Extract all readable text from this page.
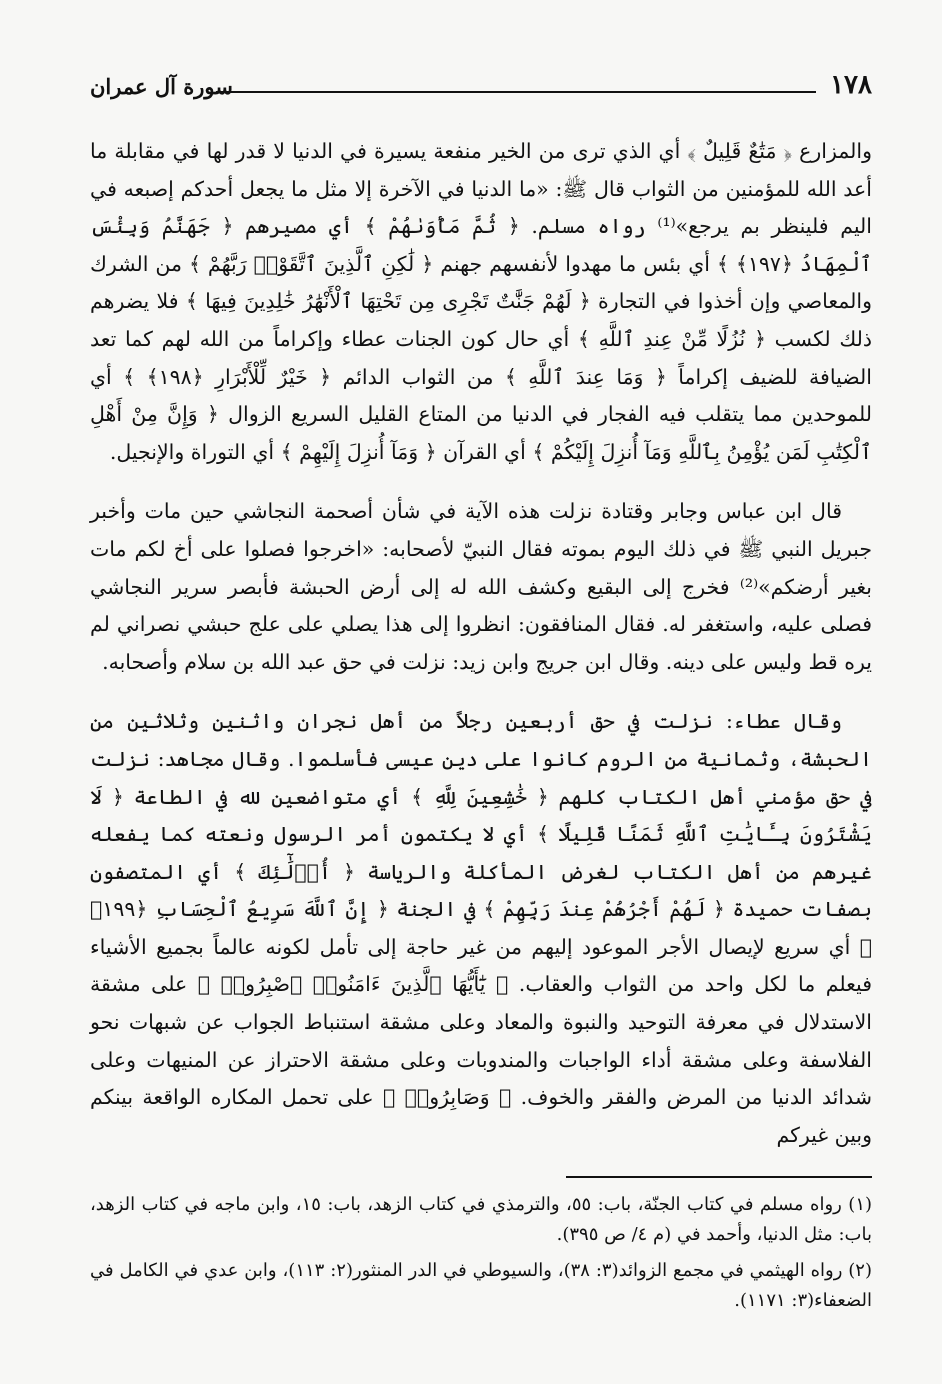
١٧٨
سورة آل عمران

والمزارع ﴿ مَتَٰعٌ قَلِيلٌ ﴾ أي الذي ترى من الخير منفعة يسيرة في الدنيا لا قدر لها في مقابلة ما أعد الله للمؤمنين من الثواب قال ﷺ: «ما الدنيا في الآخرة إلا مثل ما يجعل أحدكم إصبعه في اليم فلينظر بم يرجع»⁽¹⁾ رواه مسلم. ﴿ ثُمَّ مَأْوَىٰهُمْ ﴾ أي مصيرهم ﴿ جَهَنَّمُ وَبِئْسَ ٱلْمِهَادُ ﴿١٩٧﴾ ﴾ أي بئس ما مهدوا لأنفسهم جهنم ﴿ لَٰكِنِ ٱلَّذِينَ ٱتَّقَوْا۟ رَبَّهُمْ ﴾ من الشرك والمعاصي وإن أخذوا في التجارة ﴿ لَهُمْ جَنَّٰتٌ تَجْرِى مِن تَحْتِهَا ٱلْأَنْهَٰرُ خَٰلِدِينَ فِيهَا ﴾ فلا يضرهم ذلك لكسب ﴿ نُزُلًا مِّنْ عِندِ ٱللَّهِ ﴾ أي حال كون الجنات عطاء وإكراماً من الله لهم كما تعد الضيافة للضيف إكراماً ﴿ وَمَا عِندَ ٱللَّهِ ﴾ من الثواب الدائم ﴿ خَيْرٌ لِّلْأَبْرَارِ ﴿١٩٨﴾ ﴾ أي للموحدين مما يتقلب فيه الفجار في الدنيا من المتاع القليل السريع الزوال ﴿ وَإِنَّ مِنْ أَهْلِ ٱلْكِتَٰبِ لَمَن يُؤْمِنُ بِٱللَّهِ وَمَآ أُنزِلَ إِلَيْكُمْ ﴾ أي القرآن ﴿ وَمَآ أُنزِلَ إِلَيْهِمْ ﴾ أي التوراة والإنجيل.

قال ابن عباس وجابر وقتادة نزلت هذه الآية في شأن أصحمة النجاشي حين مات وأخبر جبريل النبي ﷺ في ذلك اليوم بموته فقال النبيّ لأصحابه: «اخرجوا فصلوا على أخ لكم مات بغير أرضكم»⁽²⁾ فخرج إلى البقيع وكشف الله له إلى أرض الحبشة فأبصر سرير النجاشي فصلى عليه، واستغفر له. فقال المنافقون: انظروا إلى هذا يصلي على علج حبشي نصراني لم يره قط وليس على دينه. وقال ابن جريج وابن زيد: نزلت في حق عبد الله بن سلام وأصحابه.

وقال عطاء: نزلت في حق أربعين رجلاً من أهل نجران واثنين وثلاثين من الحبشة، وثمانية من الروم كانوا على دين عيسى فأسلموا. وقال مجاهد: نزلت في حق مؤمني أهل الكتاب كلهم ﴿ خَٰشِعِينَ لِلَّهِ ﴾ أي متواضعين لله في الطاعة ﴿ لَا يَشْتَرُونَ بِـَٔايَٰتِ ٱللَّهِ ثَمَنًا قَلِيلًا ﴾ أي لا يكتمون أمر الرسول ونعته كما يفعله غيرهم من أهل الكتاب لغرض المأكلة والرياسة ﴿ أُو۟لَٰٓئِكَ ﴾ أي المتصفون بصفات حميدة ﴿ لَهُمْ أَجْرُهُمْ عِندَ رَبِّهِمْ ﴾ في الجنة ﴿ إِنَّ ٱللَّهَ سَرِيعُ ٱلْحِسَابِ ﴿١٩٩﴾ ﴾ أي سريع لإيصال الأجر الموعود إليهم من غير حاجة إلى تأمل لكونه عالماً بجميع الأشياء فيعلم ما لكل واحد من الثواب والعقاب. ﴿ يَٰٓأَيُّهَا ٱلَّذِينَ ءَامَنُوا۟ ٱصْبِرُوا۟ ﴾ على مشقة الاستدلال في معرفة التوحيد والنبوة والمعاد وعلى مشقة استنباط الجواب عن شبهات نحو الفلاسفة وعلى مشقة أداء الواجبات والمندوبات وعلى مشقة الاحتراز عن المنيهات وعلى شدائد الدنيا من المرض والفقر والخوف. ﴿ وَصَابِرُوا۟ ﴾ على تحمل المكاره الواقعة بينكم وبين غيركم

(١) رواه مسلم في كتاب الجنّة، باب: ٥٥، والترمذي في كتاب الزهد، باب: ١٥، وابن ماجه في كتاب الزهد، باب: مثل الدنيا، وأحمد في (م ٤/ ص ٣٩٥).

(٢) رواه الهيثمي في مجمع الزوائد(٣: ٣٨)، والسيوطي في الدر المنثور(٢: ١١٣)، وابن عدي في الكامل في الضعفاء(٣: ١١٧١).
